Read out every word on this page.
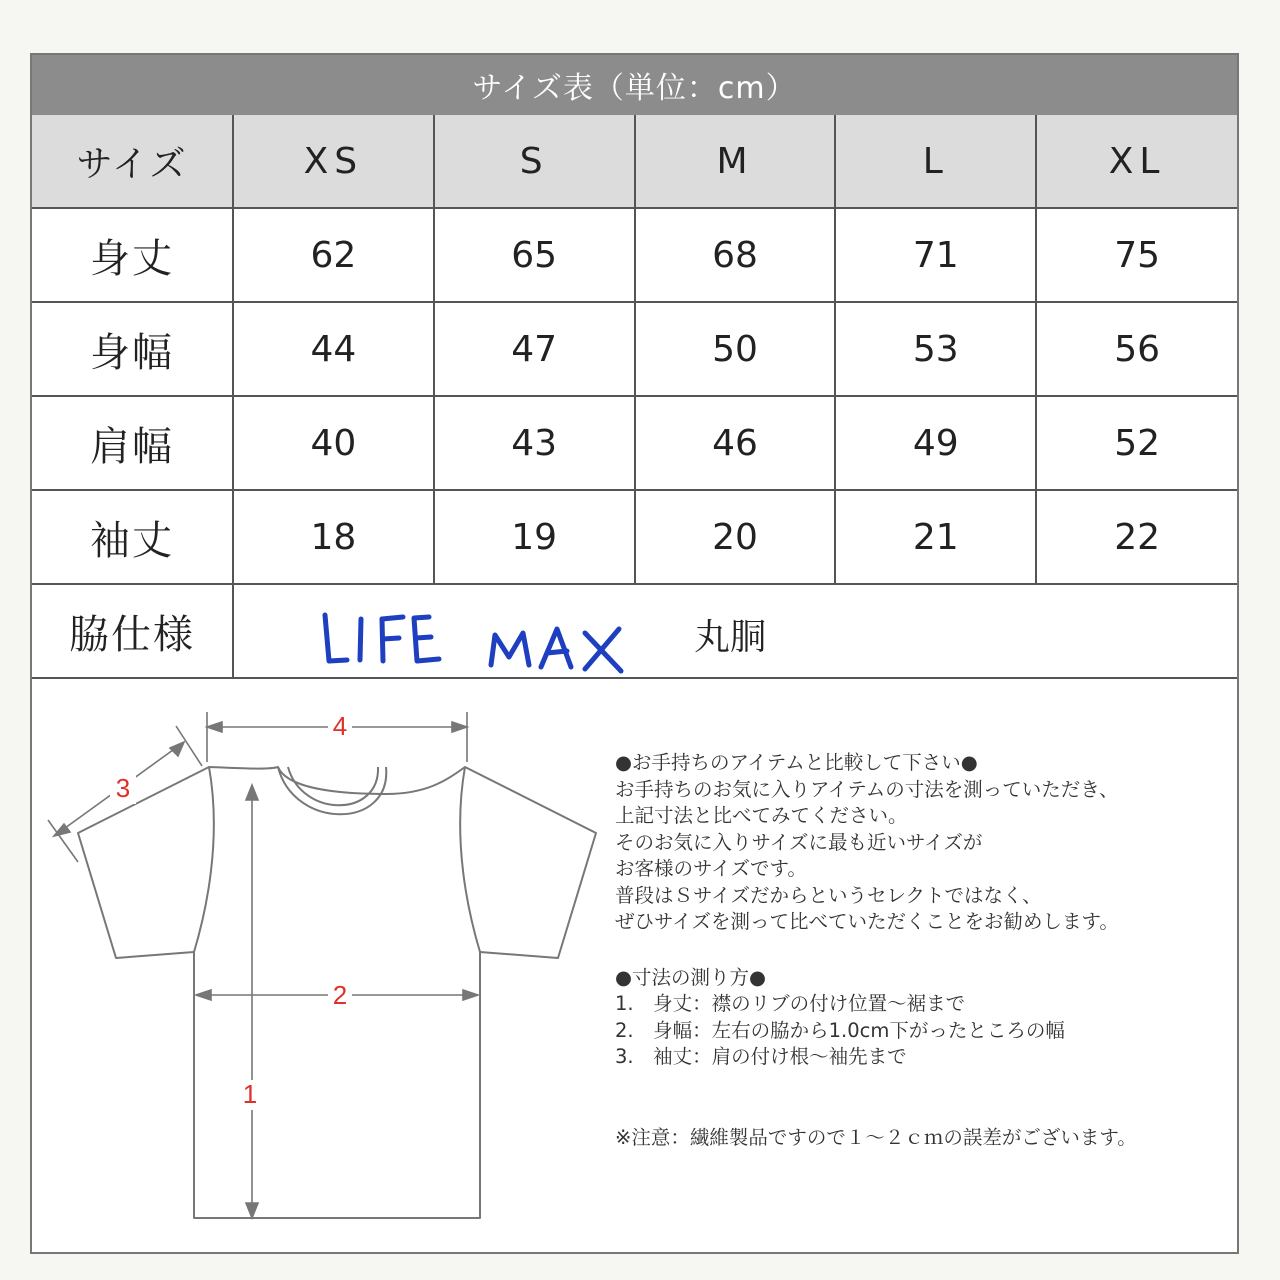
サイズ表（単位：cm）
サイズ	XS	S	M	L	XL
身丈	62	65	68	71	75
身幅	44	47	50	53	56
肩幅	40	43	46	49	52
袖丈	18	19	20	21	22
脇仕様	丸胴				
4
3
2
1
●お手持ちのアイテムと比較して下さい●
お手持ちのお気に入りアイテムの寸法を測っていただき、
上記寸法と比べてみてください。
そのお気に入りサイズに最も近いサイズが
お客様のサイズです。
普段はＳサイズだからというセレクトではなく、
ぜひサイズを測って比べていただくことをお勧めします。
●寸法の測り方●
1.　身丈：襟のリブの付け位置～裾まで
2.　身幅：左右の脇から1.0cm下がったところの幅
3.　袖丈：肩の付け根～袖先まで
※注意：繊維製品ですので１～２ｃｍの誤差がございます。
